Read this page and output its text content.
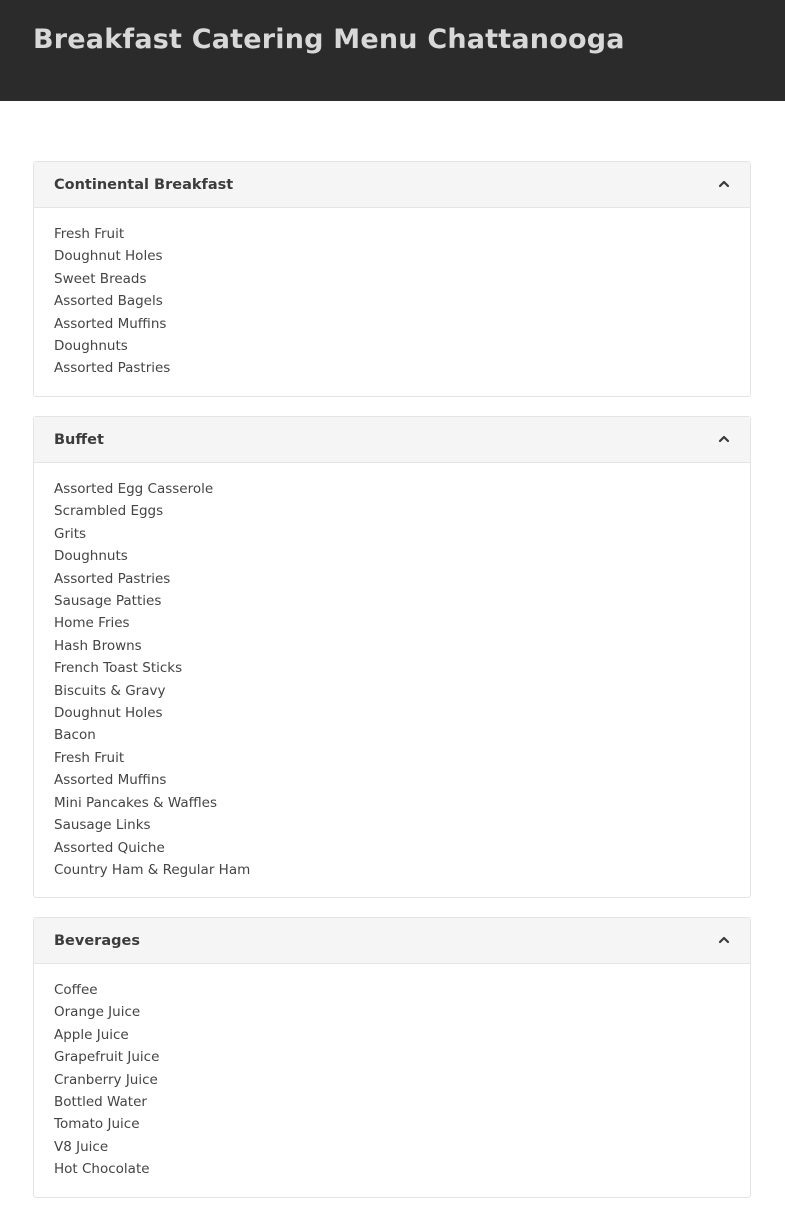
Breakfast Catering Menu Chattanooga
Continental Breakfast
Fresh Fruit
Doughnut Holes
Sweet Breads
Assorted Bagels
Assorted Muffins
Doughnuts
Assorted Pastries
Buffet
Assorted Egg Casserole
Scrambled Eggs
Grits
Doughnuts
Assorted Pastries
Sausage Patties
Home Fries
Hash Browns
French Toast Sticks
Biscuits & Gravy
Doughnut Holes
Bacon
Fresh Fruit
Assorted Muffins
Mini Pancakes & Waffles
Sausage Links
Assorted Quiche
Country Ham & Regular Ham
Beverages
Coffee
Orange Juice
Apple Juice
Grapefruit Juice
Cranberry Juice
Bottled Water
Tomato Juice
V8 Juice
Hot Chocolate
